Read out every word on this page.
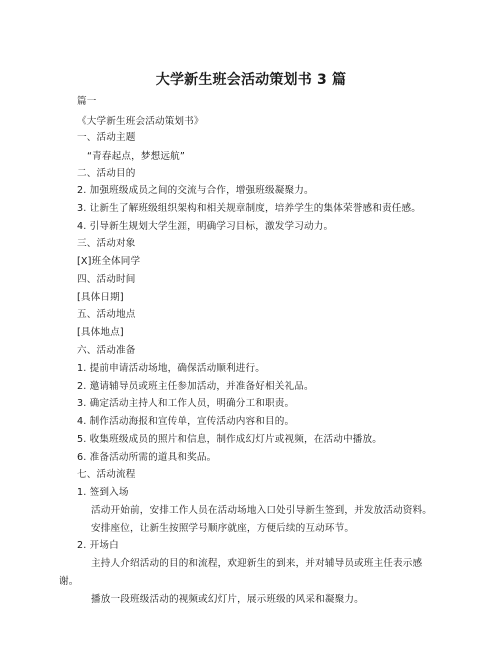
大学新生班会活动策划书 3 篇
篇一
《大学新生班会活动策划书》
一、活动主题
“青春起点，梦想远航”
二、活动目的
2. 加强班级成员之间的交流与合作，增强班级凝聚力。
3. 让新生了解班级组织架构和相关规章制度，培养学生的集体荣誉感和责任感。
4. 引导新生规划大学生涯，明确学习目标，激发学习动力。
三、活动对象
[X]班全体同学
四、活动时间
[具体日期]
五、活动地点
[具体地点]
六、活动准备
1. 提前申请活动场地，确保活动顺利进行。
2. 邀请辅导员或班主任参加活动，并准备好相关礼品。
3. 确定活动主持人和工作人员，明确分工和职责。
4. 制作活动海报和宣传单，宣传活动内容和目的。
5. 收集班级成员的照片和信息，制作成幻灯片或视频，在活动中播放。
6. 准备活动所需的道具和奖品。
七、活动流程
1. 签到入场
活动开始前，安排工作人员在活动场地入口处引导新生签到，并发放活动资料。
安排座位，让新生按照学号顺序就座，方便后续的互动环节。
2. 开场白
主持人介绍活动的目的和流程，欢迎新生的到来，并对辅导员或班主任表示感
谢。
播放一段班级活动的视频或幻灯片，展示班级的风采和凝聚力。
